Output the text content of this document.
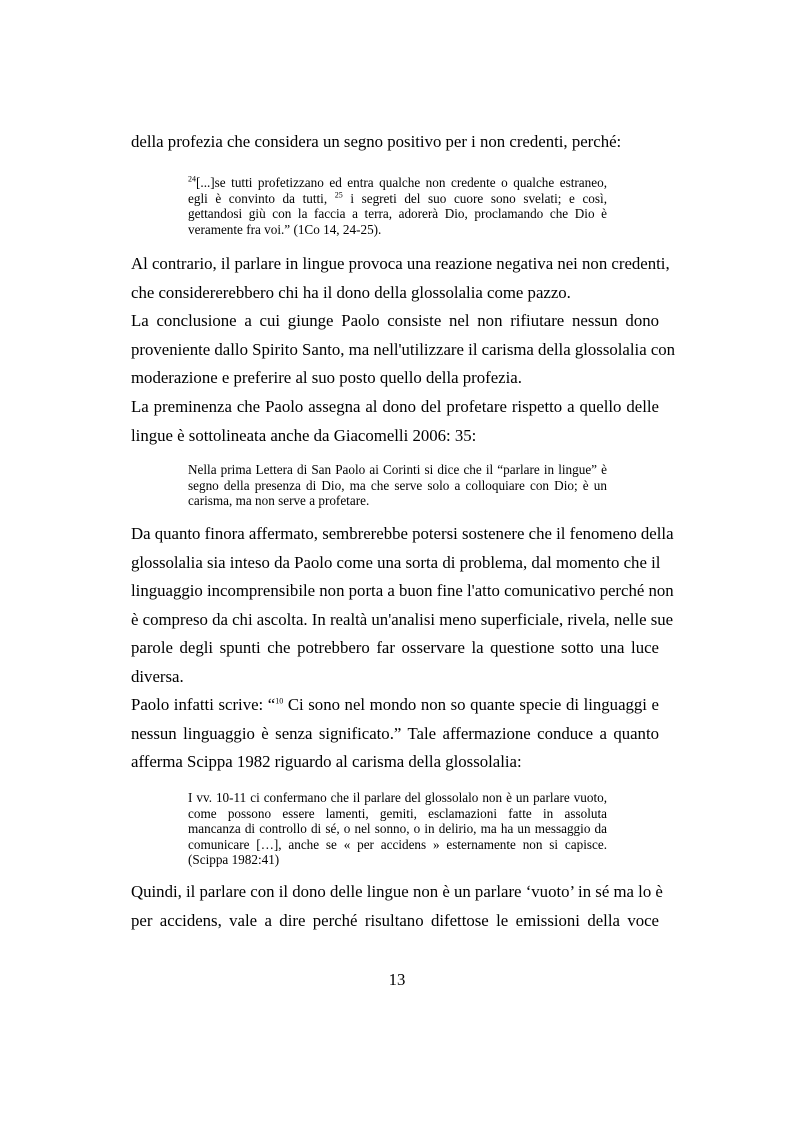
della profezia che considera un segno positivo per i non credenti, perché:
$^{24}$[...]se tutti profetizzano ed entra qualche non credente o qualche estraneo,
egli è convinto da tutti, $^{25}$ i segreti del suo cuore sono svelati; e così,
gettandosi giù con la faccia a terra, adorerà Dio, proclamando che Dio è
veramente fra voi.” (1Co 14, 24-25).
Al contrario, il parlare in lingue provoca una reazione negativa nei non credenti,
che considererebbero chi ha il dono della glossolalia come pazzo.
La conclusione a cui giunge Paolo consiste nel non rifiutare nessun dono
proveniente dallo Spirito Santo, ma nell'utilizzare il carisma della glossolalia con
moderazione e preferire al suo posto quello della profezia.
La preminenza che Paolo assegna al dono del profetare rispetto a quello delle
lingue è sottolineata anche da Giacomelli 2006: 35:
Nella prima Lettera di San Paolo ai Corinti si dice che il “parlare in lingue” è
segno della presenza di Dio, ma che serve solo a colloquiare con Dio; è un
carisma, ma non serve a profetare.
Da quanto finora affermato, sembrerebbe potersi sostenere che il fenomeno della
glossolalia sia inteso da Paolo come una sorta di problema, dal momento che il
linguaggio incomprensibile non porta a buon fine l'atto comunicativo perché non
è compreso da chi ascolta. In realtà un'analisi meno superficiale, rivela, nelle sue
parole degli spunti che potrebbero far osservare la questione sotto una luce
diversa.
Paolo infatti scrive: “$^{10}$ Ci sono nel mondo non so quante specie di linguaggi e
nessun linguaggio è senza significato.” Tale affermazione conduce a quanto
afferma Scippa 1982 riguardo al carisma della glossolalia:
I vv. 10-11 ci confermano che il parlare del glossolalo non è un parlare vuoto,
come possono essere lamenti, gemiti, esclamazioni fatte in assoluta
mancanza di controllo di sé, o nel sonno, o in delirio, ma ha un messaggio da
comunicare […], anche se « per accidens » esternamente non si capisce.
(Scippa 1982:41)
Quindi, il parlare con il dono delle lingue non è un parlare ‘vuoto’ in sé ma lo è
per accidens, vale a dire perché risultano difettose le emissioni della voce
13
